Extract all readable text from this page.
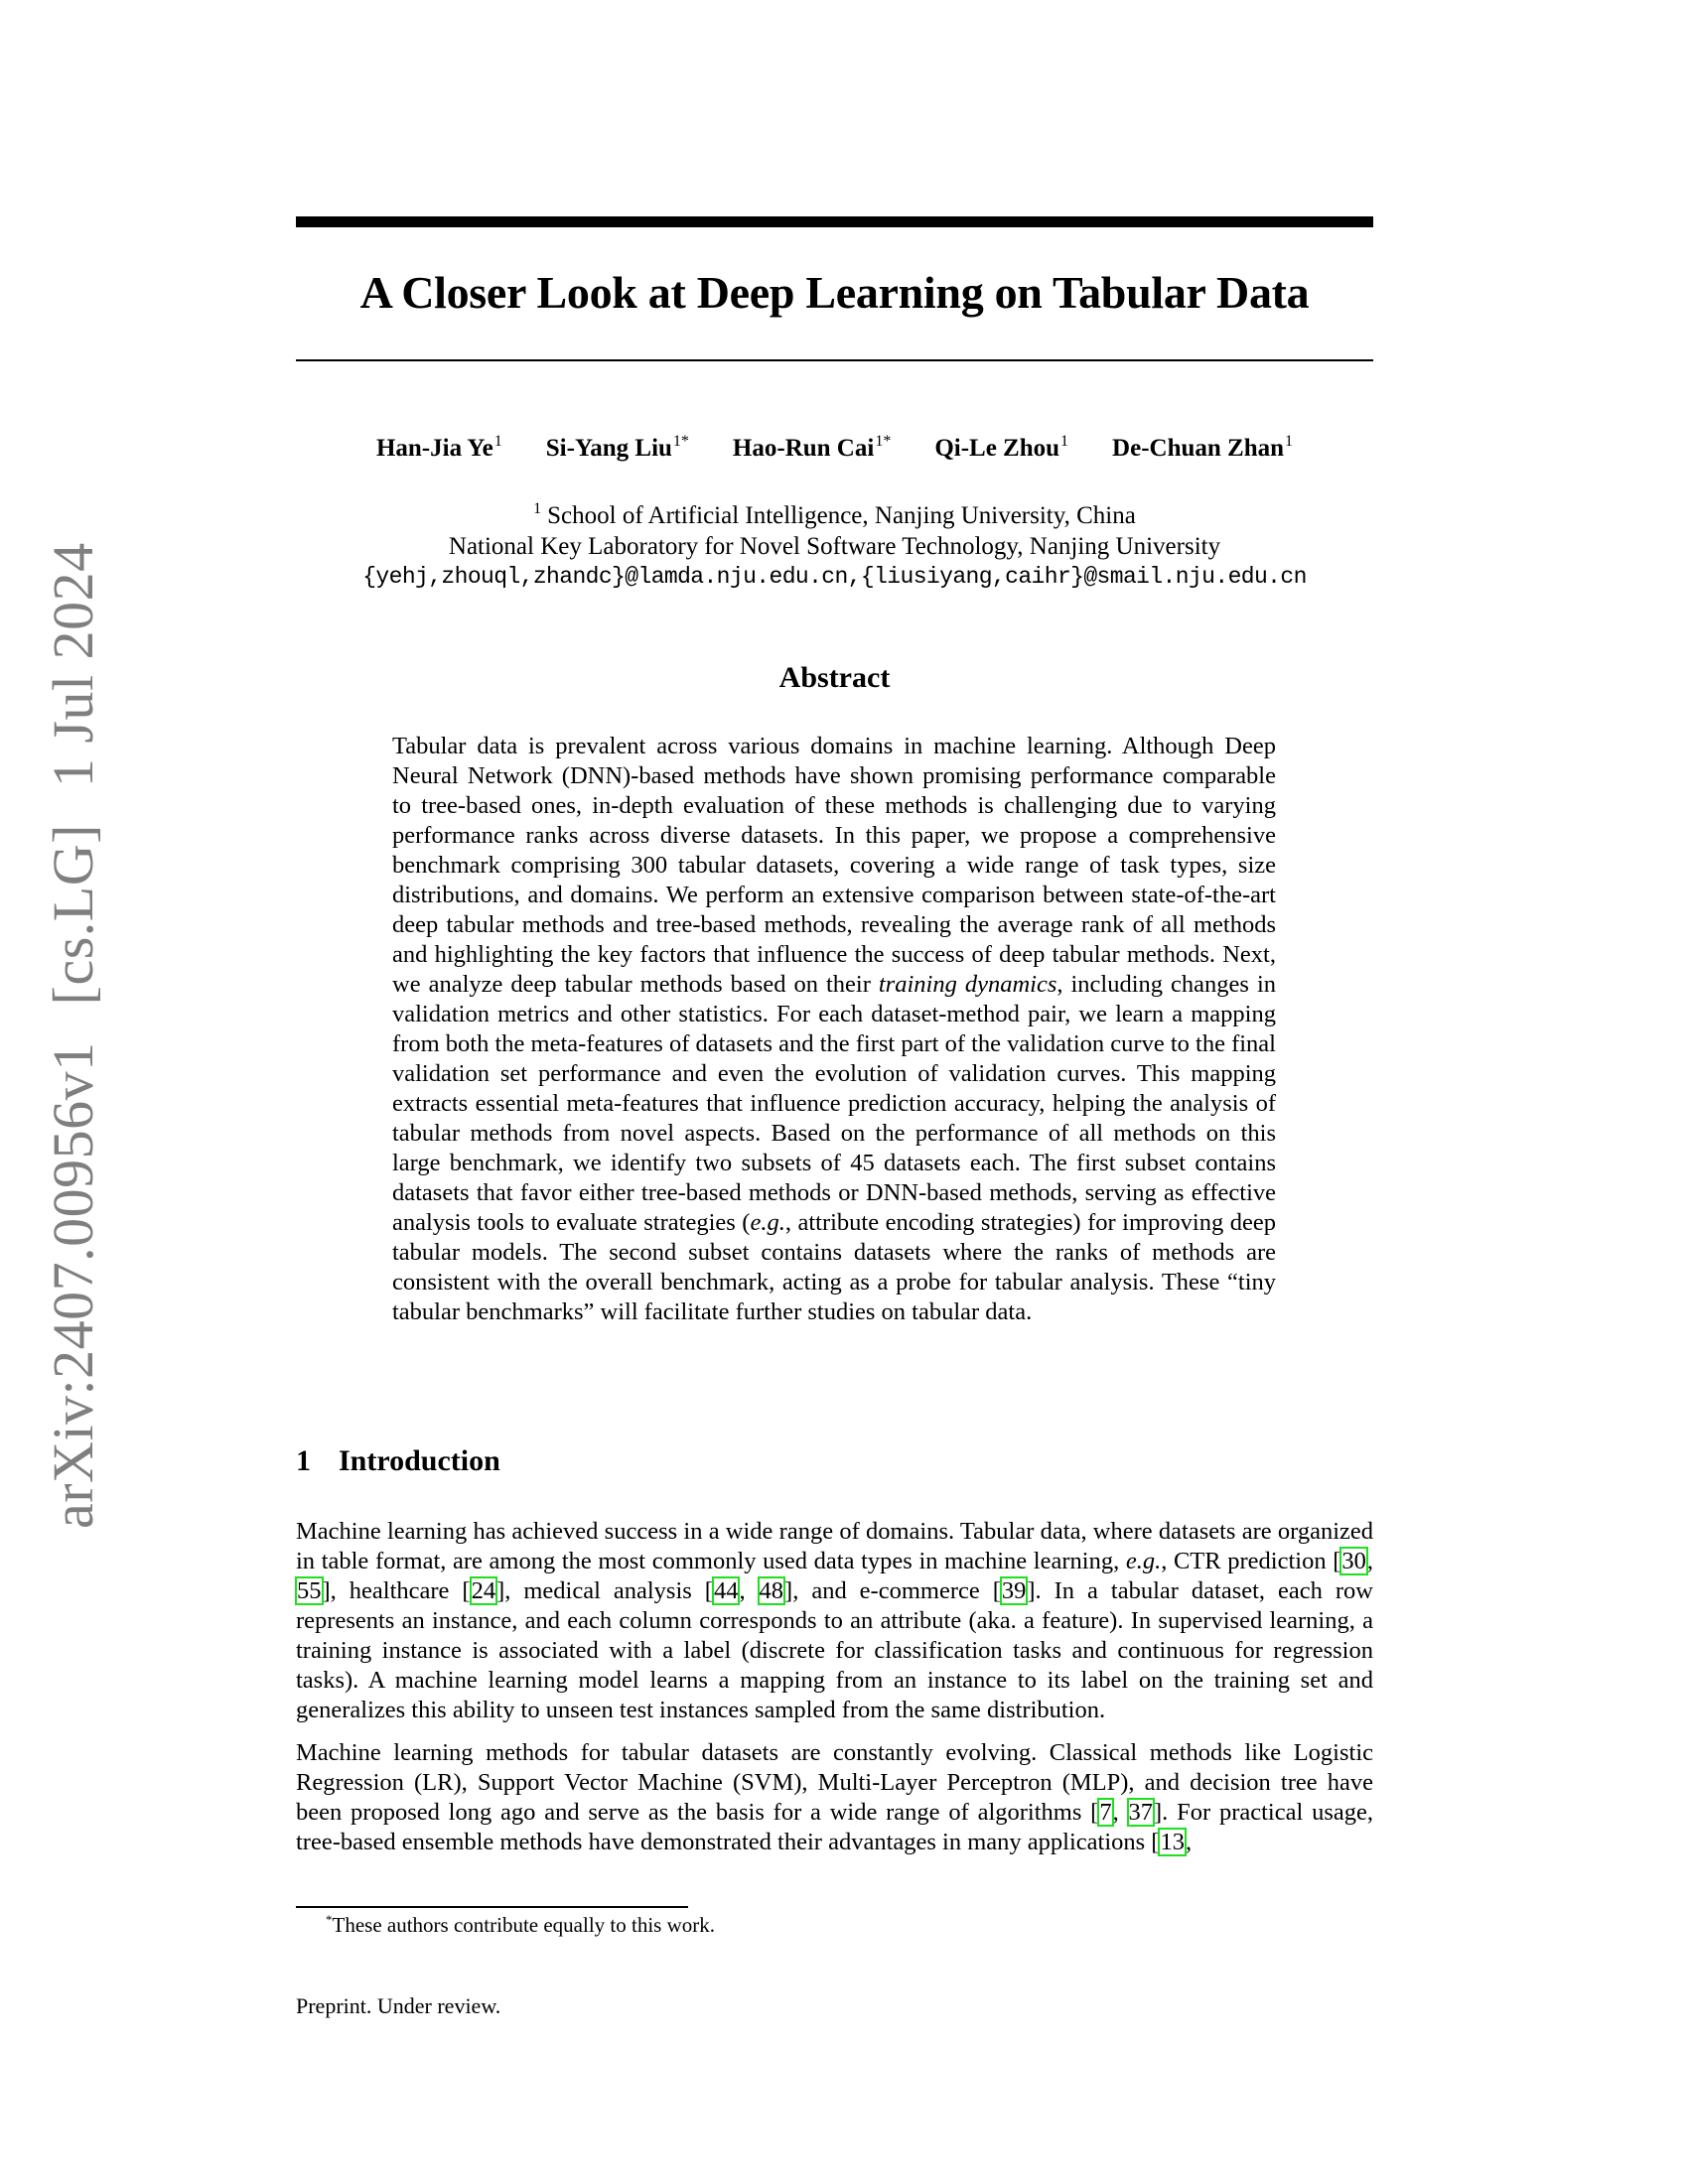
arXiv:2407.00956v1 [cs.LG] 1 Jul 2024
A Closer Look at Deep Learning on Tabular Data
Han-Jia Ye$^1$ Si-Yang Liu$^{1*}$ Hao-Run Cai$^{1*}$ Qi-Le Zhou$^1$ De-Chuan Zhan$^1$
$^1$ School of Artificial Intelligence, Nanjing University, China
National Key Laboratory for Novel Software Technology, Nanjing University
{yehj,zhouql,zhandc}@lamda.nju.edu.cn,{liusiyang,caihr}@smail.nju.edu.cn
Abstract
Tabular data is prevalent across various domains in machine learning. Although Deep Neural Network (DNN)-based methods have shown promising performance comparable to tree-based ones, in-depth evaluation of these methods is challenging due to varying performance ranks across diverse datasets. In this paper, we propose a comprehensive benchmark comprising 300 tabular datasets, covering a wide range of task types, size distributions, and domains. We perform an extensive comparison between state-of-the-art deep tabular methods and tree-based methods, revealing the average rank of all methods and highlighting the key factors that influence the success of deep tabular methods. Next, we analyze deep tabular methods based on their training dynamics, including changes in validation metrics and other statistics. For each dataset-method pair, we learn a mapping from both the meta-features of datasets and the first part of the validation curve to the final validation set performance and even the evolution of validation curves. This mapping extracts essential meta-features that influence prediction accuracy, helping the analysis of tabular methods from novel aspects. Based on the performance of all methods on this large benchmark, we identify two subsets of 45 datasets each. The first subset contains datasets that favor either tree-based methods or DNN-based methods, serving as effective analysis tools to evaluate strategies (e.g., attribute encoding strategies) for improving deep tabular models. The second subset contains datasets where the ranks of methods are consistent with the overall benchmark, acting as a probe for tabular analysis. These “tiny tabular benchmarks” will facilitate further studies on tabular data.
1 Introduction

Machine learning has achieved success in a wide range of domains. Tabular data, where datasets are organized in table format, are among the most commonly used data types in machine learning, e.g., CTR prediction [30, 55], healthcare [24], medical analysis [44, 48], and e-commerce [39]. In a tabular dataset, each row represents an instance, and each column corresponds to an attribute (aka. a feature). In supervised learning, a training instance is associated with a label (discrete for classification tasks and continuous for regression tasks). A machine learning model learns a mapping from an instance to its label on the training set and generalizes this ability to unseen test instances sampled from the same distribution.

Machine learning methods for tabular datasets are constantly evolving. Classical methods like Logistic Regression (LR), Support Vector Machine (SVM), Multi-Layer Perceptron (MLP), and decision tree have been proposed long ago and serve as the basis for a wide range of algorithms [7, 37]. For practical usage, tree-based ensemble methods have demonstrated their advantages in many applications [13,

*These authors contribute equally to this work.
Preprint. Under review.
